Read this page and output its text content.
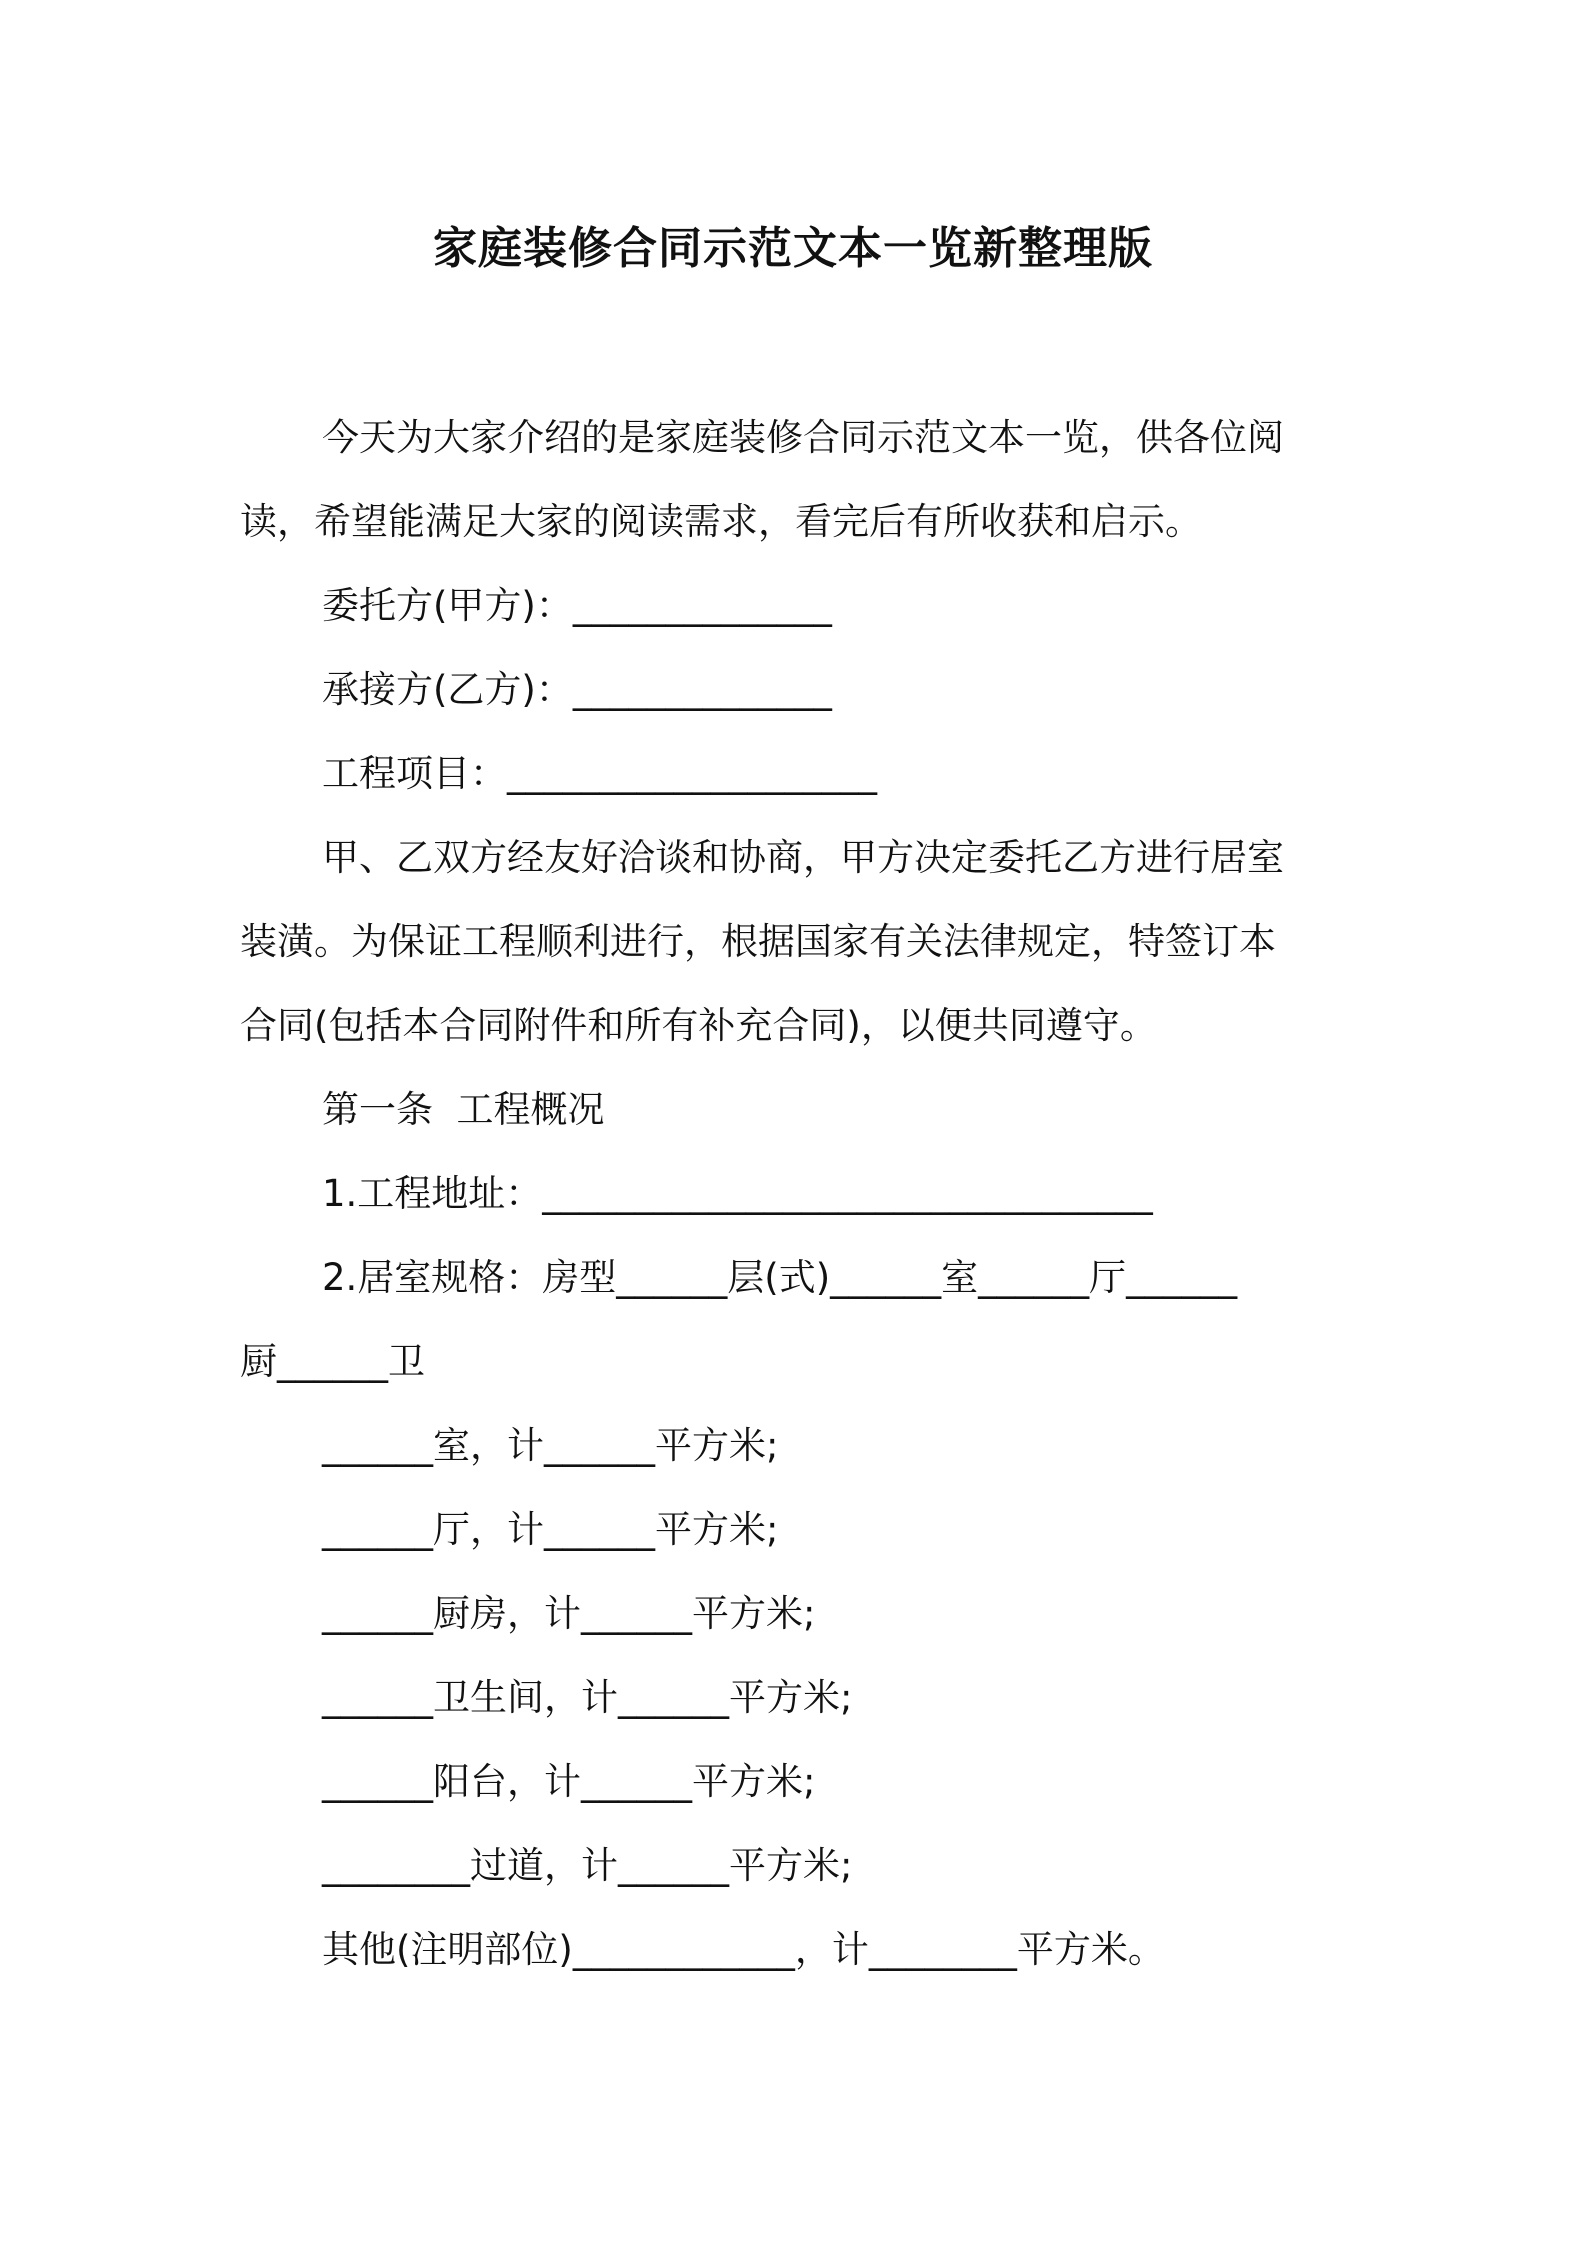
家庭装修合同示范文本一览新整理版
今天为大家介绍的是家庭装修合同示范文本一览，供各位阅
读，希望能满足大家的阅读需求，看完后有所收获和启示。
委托方(甲方)：______________
承接方(乙方)：______________
工程项目：____________________
甲、乙双方经友好洽谈和协商，甲方决定委托乙方进行居室
装潢。为保证工程顺利进行，根据国家有关法律规定，特签订本
合同(包括本合同附件和所有补充合同)，以便共同遵守。
第一条  工程概况
1.工程地址：_________________________________
2.居室规格：房型______层(式)______室______厅______
厨______卫
______室，计______平方米;
______厅，计______平方米;
______厨房，计______平方米;
______卫生间，计______平方米;
______阳台，计______平方米;
________过道，计______平方米;
其他(注明部位)____________，计________平方米。
